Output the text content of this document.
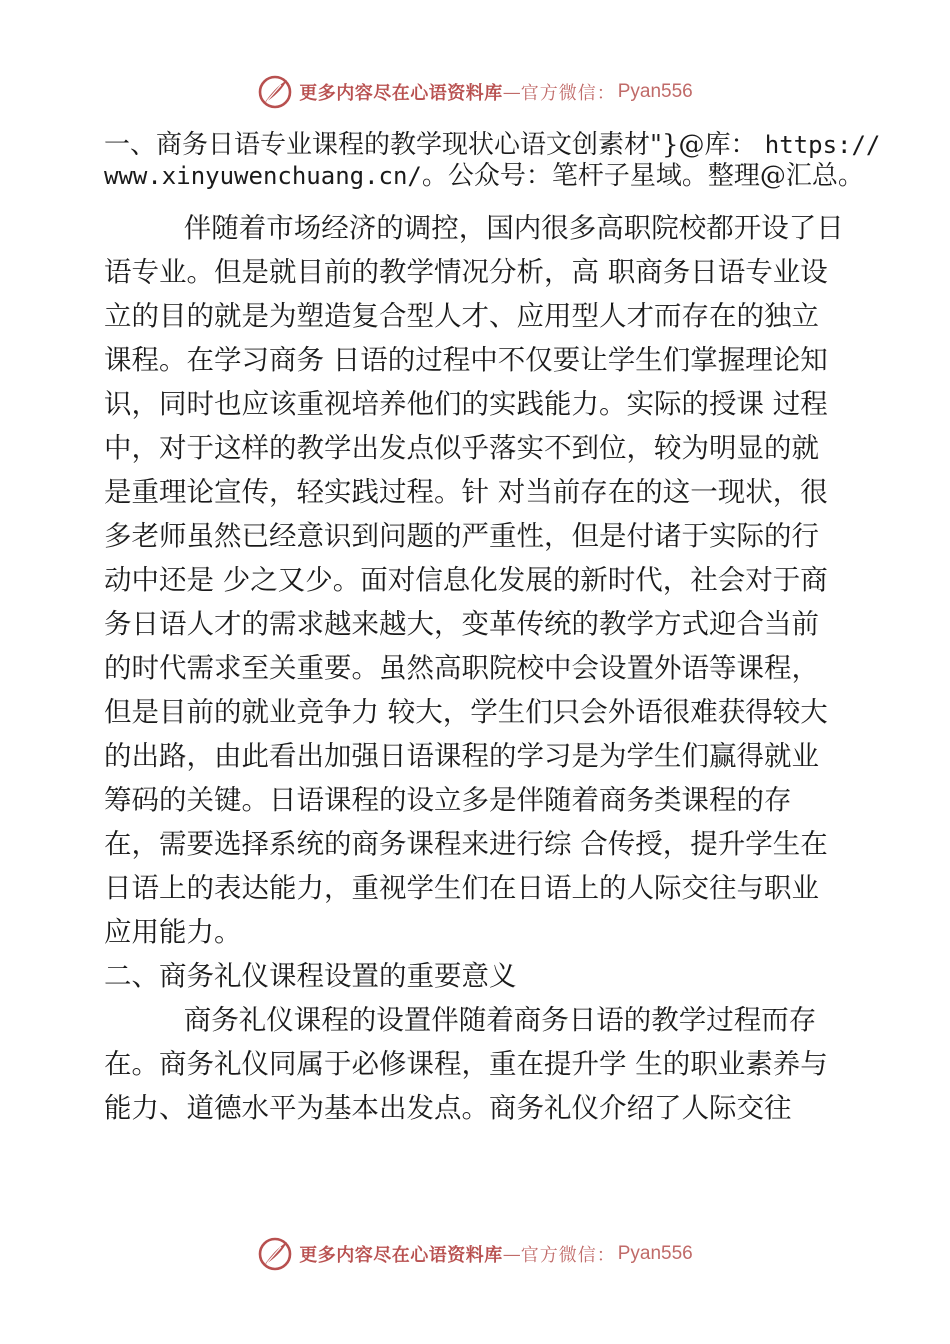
更多内容尽在心语资料库 — 官方微信： Pyan556

一、商务日语专业课程的教学现状心语文创素材"}@库： https://www.xinyuwenchuang.cn/。公众号：笔杆子星域。整理@汇总。

伴随着市场经济的调控，国内很多高职院校都开设了日语专业。但是就目前的教学情况分析，高 职商务日语专业设立的目的就是为塑造复合型人才、应用型人才而存在的独立课程。在学习商务 日语的过程中不仅要让学生们掌握理论知识，同时也应该重视培养他们的实践能力。实际的授课 过程中，对于这样的教学出发点似乎落实不到位，较为明显的就是重理论宣传，轻实践过程。针 对当前存在的这一现状，很多老师虽然已经意识到问题的严重性，但是付诸于实际的行动中还是 少之又少。面对信息化发展的新时代，社会对于商务日语人才的需求越来越大，变革传统的教学方式迎合当前的时代需求至关重要。虽然高职院校中会设置外语等课程，但是目前的就业竞争力 较大，学生们只会外语很难获得较大的出路，由此看出加强日语课程的学习是为学生们赢得就业筹码的关键。日语课程的设立多是伴随着商务类课程的存在，需要选择系统的商务课程来进行综 合传授，提升学生在日语上的表达能力，重视学生们在日语上的人际交往与职业应用能力。

二、商务礼仪课程设置的重要意义

商务礼仪课程的设置伴随着商务日语的教学过程而存在。商务礼仪同属于必修课程，重在提升学 生的职业素养与能力、道德水平为基本出发点。商务礼仪介绍了人际交往

更多内容尽在心语资料库 — 官方微信： Pyan556
